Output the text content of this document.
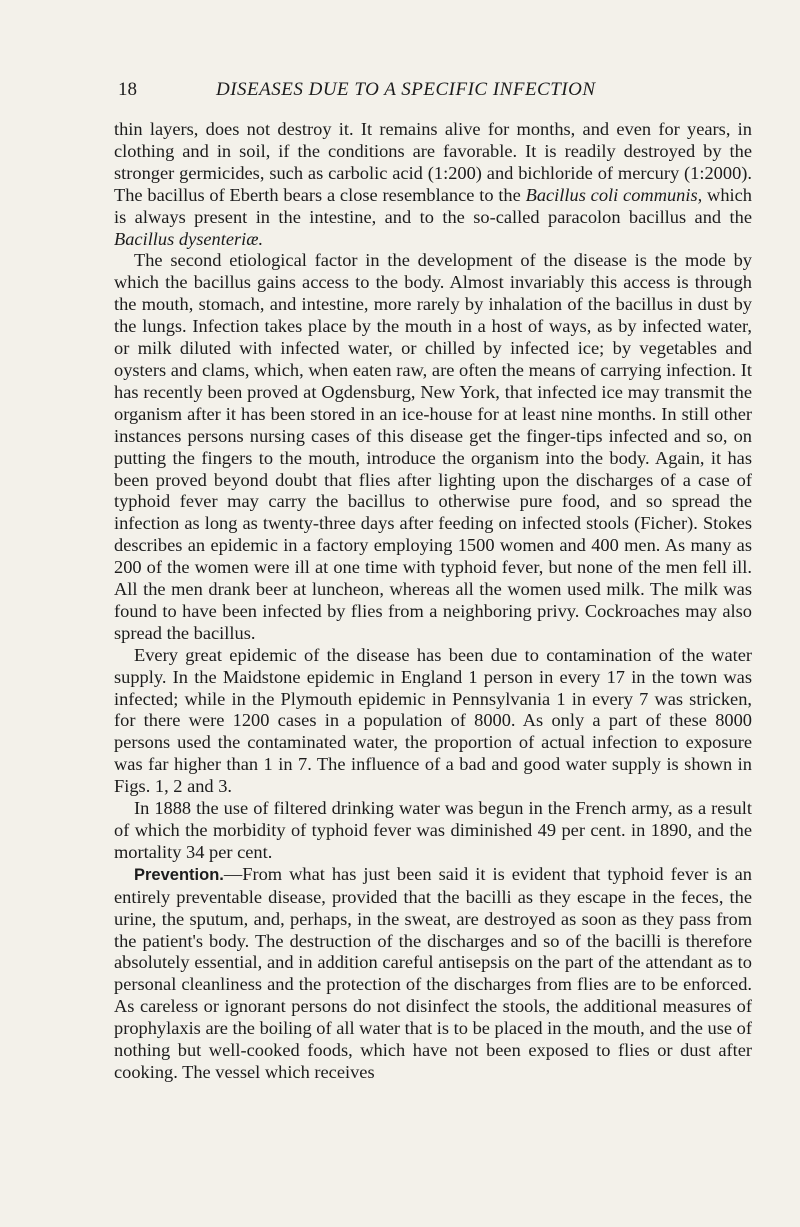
18	DISEASES DUE TO A SPECIFIC INFECTION

thin layers, does not destroy it. It remains alive for months, and even for years, in clothing and in soil, if the conditions are favorable. It is readily destroyed by the stronger germicides, such as carbolic acid (1:200) and bichloride of mercury (1:2000). The bacillus of Eberth bears a close resemblance to the Bacillus coli communis, which is always present in the intestine, and to the so-called paracolon bacillus and the Bacillus dysenteriæ.

The second etiological factor in the development of the disease is the mode by which the bacillus gains access to the body. Almost invariably this access is through the mouth, stomach, and intestine, more rarely by inhalation of the bacillus in dust by the lungs. Infection takes place by the mouth in a host of ways, as by infected water, or milk diluted with infected water, or chilled by infected ice; by vegetables and oysters and clams, which, when eaten raw, are often the means of carrying infection. It has recently been proved at Ogdensburg, New York, that infected ice may transmit the organism after it has been stored in an ice-house for at least nine months. In still other instances persons nursing cases of this disease get the finger-tips infected and so, on putting the fingers to the mouth, introduce the organism into the body. Again, it has been proved beyond doubt that flies after lighting upon the discharges of a case of typhoid fever may carry the bacillus to otherwise pure food, and so spread the infection as long as twenty-three days after feeding on infected stools (Ficher). Stokes describes an epidemic in a factory employing 1500 women and 400 men. As many as 200 of the women were ill at one time with typhoid fever, but none of the men fell ill. All the men drank beer at luncheon, whereas all the women used milk. The milk was found to have been infected by flies from a neighboring privy. Cockroaches may also spread the bacillus.

Every great epidemic of the disease has been due to contamination of the water supply. In the Maidstone epidemic in England 1 person in every 17 in the town was infected; while in the Plymouth epidemic in Pennsylvania 1 in every 7 was stricken, for there were 1200 cases in a population of 8000. As only a part of these 8000 persons used the contaminated water, the proportion of actual infection to exposure was far higher than 1 in 7. The influence of a bad and good water supply is shown in Figs. 1, 2 and 3.

In 1888 the use of filtered drinking water was begun in the French army, as a result of which the morbidity of typhoid fever was diminished 49 per cent. in 1890, and the mortality 34 per cent.

Prevention.—From what has just been said it is evident that typhoid fever is an entirely preventable disease, provided that the bacilli as they escape in the feces, the urine, the sputum, and, perhaps, in the sweat, are destroyed as soon as they pass from the patient's body. The destruction of the discharges and so of the bacilli is therefore absolutely essential, and in addition careful antisepsis on the part of the attendant as to personal cleanliness and the protection of the discharges from flies are to be enforced. As careless or ignorant persons do not disinfect the stools, the additional measures of prophylaxis are the boiling of all water that is to be placed in the mouth, and the use of nothing but well-cooked foods, which have not been exposed to flies or dust after cooking. The vessel which receives
